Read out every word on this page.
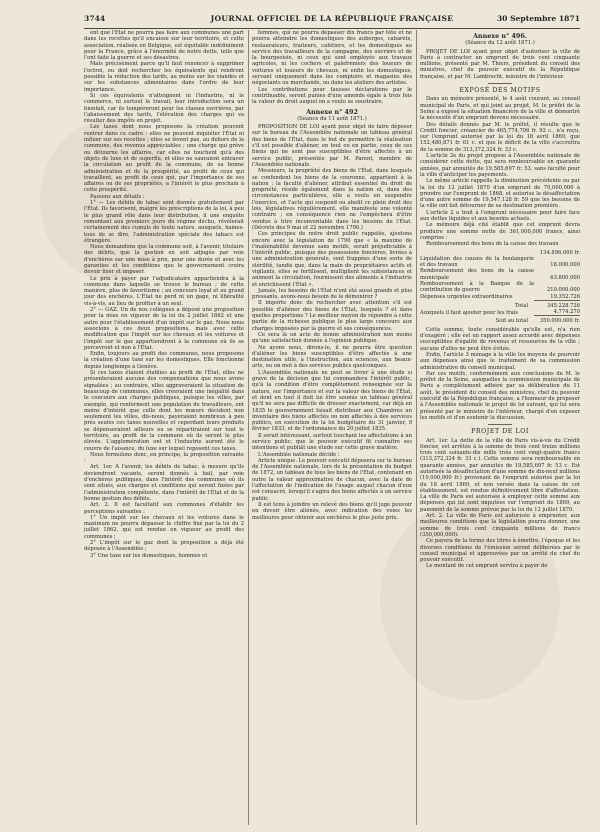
3744	JOURNAL OFFICIEL DE LA RÉPUBLIQUE FRANÇAISE	30 Septembre 1871

ent que l'État ne pourra pas faire aux communes une part dans les recettes qu'il encaisse sur leur territoire, et cette association, réalisée en Belgique, est équitable indéfiniment pour la France, grâce à l'énormité de notre dette, telle que l'ont faite la guerre et ses désastres.

Mais précisément parce qu'il faut renoncer à supprimer l'octroi, ou doit rechercher les équivalents qui rendront possible la réduction des tarifs, au moins sur les viandes et sur les substances alimentaires dans l'ordre de leur importance.

Si ces équivalents n'atteignent ni l'industrie, ni le commerce, ni surtout le travail, leur introduction sera un bienfait, car ils tempéreront pour les classes ouvrières, par l'abaissement des tarifs, l'élévation des charges qui va résulter des impôts en projet.

Les taxes dont nous proposons la création peuvent rentrer dans ce cadre : elles ne peuvent inquiéter l'État ni influer sur ses recettes ; elles se lèvent pas, au dehors de la commune, des revenus appréciables ; une charge qui grève ou détourne les affaires, car elles ne touchent qu'à des objets de luxe et de superflu, et elles ne sauraient entraver la circulation au profit de la commune, de sa bonne administration et de la prospérité, au profit de ceux qui travaillent, au profit de ceux qui, par l'importance de ses affaires ou de ses propriétés, a l'intérêt le plus prochain à cette prospérité.

Passons aux détails :

1° — Les débits de tabac sont donnés gratuitement par l'État. Ils favorisent, malgré les prescriptions de la loi, à peu le plus grand rôle dans leur distribution, il une enquête remontant aux premiers jours du régime déchu, révélerait certainement des cumuls de toute nature, auxquels, haines-tous de se dire, l'administration spéciale des tabacs est étrangère.

Nous demandons que la commune soit, à l'avenir, titulaire des débits, que la gestion en soit adjugée par voie d'enchères sur une mise à prix, pour une durée et avec les garanties et les conditions que le gouvernement croira devoir fixer et imposer.

Le prix à payer par l'adjudicataire appartiendra à la commune dans laquelle se trouve le bureau ; de cette manière, plus de favoritisme ; au concours loyal et au grand jour des enchères. L'État ne perd ni un gage, ni libéralité vis-à-vis, au lieu de profiter à un seul.

2° — GAZ. Un de nos collègues a déposé une proposition pour la mise en vigueur de la loi du 2 juillet 1862 et une autre pour l'établissement d'un impôt sur le gaz. Nous nous associons à ces deux propositions, mais avec cette modification que l'impôt sur les chevaux et les voitures et l'impôt sur le gaz appartiendront à la commune où ils se percevront et non à l'État.

Enfin, toujours au profit des communes, nous proposons la création d'une taxe sur les domestiques. Elle fonctionne depuis longtemps à Genève.

Si ces taxes étaient établies au profit de l'État, elles ne présenteraient aucune des compensations que nous avons signalées ; au contraire, elles aggraveraient la situation de beaucoup de communes, elles créeraient une inégalité dans le concours aux charges publiques, puisque les villes, par exemple, qui renferment une population de travailleurs, ont moins d'intérêt que celle dont les mœurs décident non seulement les villes, dis-nous, payeraient nombreux à peu près seules ces taxes nouvelles et ceperdant leurs produits se dépenseraient ailleurs ou se répartiraient sur tout le territoire, au profit de la commune où ils seront le plus élevés. L'agglomération ont et l'industrie auront été le ceuvre de l'aisance, du luxe sur lequel reposent ces taxes.

Nous formulons donc, en principe, la proposition suivante :

Art. 1er. A l'avenir, les débits de tabac, à mesure qu'ils deviendront vacants, seront donnés à bail, par voie d'enchères publiques, dans l'intérêt des communes où ils sont situés, aux charges et conditions qui seront fixées par l'administration compétente, dans l'intérêt de l'État et de la bonne gestion des débits.

Art. 2. Il est facultatif aux communes d'établir les perceptions suivantes :

1° Un impôt sur les chevaux et les voitures dans le maximum ne pourra dépasser le chiffre fixé par la loi du 2 juillet 1862, qui est rendue en vigueur au profit des communes ;

2° L'impôt sur le gaz dont la proposition a déjà été déposée à l'Assemblée ;

3° Une taxe sur les domestiques, hommes et

femmes, qui ne pourra dépasser dix francs par tête et ne pourra atteindre les domestiques des auberges, cabarets, restaurateurs, traiteurs, cafetiers, et les domestiques au service des travailleurs de la campagne, des ouvriers et de la bourgeoisie, ni ceux qui sont employés aux travaux agricoles, ni les cochers et palefreniers des loueurs de voitures et loueurs de chevaux, ni enfin les domestiques, servant uniquement dans les comptoirs et magasins des négociants ou marchands, ou dans les ateliers des artistes.

Les contributions pour fausses déclarations par le contribuable, seront punies d'une amende égale à trois fois la valeur du droit auquel on a voulu se soustraire.

Annexe n° 492
(Séance du 11 août 1871.)

PROPOSITION DE LOI ayant pour objet de faire déposer sur le bureau de l'Assemblée nationale un tableau général des biens de l'État, dans le but de permettre la réalisation s'il est possible d'aliéner, en tout ou en partie, ceux de ces biens qui ne sont pas susceptibles d'être affectés à un service public, présentée par M. Parent, membre de l'Assemblée nationale.

Messieurs, la propriété des biens de l'État, dans lesquels se confondent les biens de la couronne, appartient à la nation ; la faculté d'aliéner, attribut essentiel du droit de propriété, réside également dans la nation et, dans des circonstances particulières, elle a voulu en suspendre l'exercice, et l'acte qui suspend ou abolit ce plein droit des lois, législatives régulièrement, elle manifeste une volonté contraire ; en conséquence rien ne l'empêchera d'être vendus à titre inconventable dans les besoins de l'État. (Décrets des 9 mai et 22 novembre 1790.)

Ces principes de notre droit public rappelés, ajoutons encore avec la législation de 1790 que « la maxime de l'inaliénabilité devenue sans motifs, serait préjudiciable à l'intérêt public, puisque des possessions foncières, livrées à une administration générale, sont frappées d'une sorte de stérilité, tandis que, dans la main de propriétaires actifs et vigilants, elles se fertilisent, multiplient les subsistances et animent la circulation, fournissent des aliments à l'industrie et enrichissent l'État ».

Jamais, les besoins de l'État n'ont été aussi grands et plus pressants, avons-nous besoin de le démontrer ?

Il importe donc de rechercher avec attention s'il est possible d'aliéner des biens de l'État, lesquels ? et dans quelles proportions ? Le meilleur moyen de répondre à cette partie de la richesse publique le plus large concours aux charges imposées par la guerre et ses conséquences.

Ce sera là un acte de bonne administration non moins qu'une satisfaction donnée à l'opinion publique.

Ne ayons nous, dirons-le, il ne pourra être question d'aliéner les biens susceptibles d'être affectés à une destination utile, à l'instruction, aux sciences, aux beaux-arts, ou un mot à des services publics quelconques.

L'Assemblée nationale ne peut se livrer à une étude si grave de la décision que lui commandera l'intérêt public, qu'à la condition d'être complètement renseignée sur la nature, sur l'importance et sur la valeur des biens de l'État, et dont en tout il doit lui être soumis un tableau général qu'il ne sera pas difficile de dresser exactement, car déjà en 1835 le gouvernement faisait distribuer aux Chambres un inventaire des biens affectés ou non affectés à des services publics, en exécution de la loi budgétaire du 31 janvier, 9 février 1833, et de l'ordonnance du 20 juillet 1835.

Il serait intéressant, surtout touchant les affectations à un service public, que le pouvoir exécutif fit connaître ses intentions et publiât une étude sur cette grave matière.

L'Assemblée nationale décide :

Article unique. Le pouvoir exécutif déposera sur le bureau de l'Assemblée nationale, lors de la présentation du budget de 1872, un tableau de tous les biens de l'État, contenant en outre la valeur approximative de chacun, avec la date de l'affectation de l'indication de l'usage auquel chacun d'eux est consacré, lorsqu'il s'agira des biens affectés à un service public.

Il est tenu à joindre un relevé des biens qu'il juge pouvoir en devoir être aliénés, avec indication des voies les meilleures pour obtenir aux enchères le plus juste prix.

Annexe n° 496.
(Séance du 12 août 1871.)

PROJET DE LOI ayant pour objet d'autoriser la ville de Paris à contracter un emprunt de trois cent cinquante millions, présenté par M. Thiers, président du conseil des ministres, chef du pouvoir exécutif de la République française, et par M. Lambrecht, ministre de l'intérieur.

EXPOSÉ DES MOTIFS

Dans un mémoire présenté, le 4 août courant, au conseil municipal de Paris, et qui joint au projet, M. le préfet de la Seine a exposé la situation financière de la ville et démontré la nécessité d'un emprunt devenu nécessaire.

Des détails donnés par M. le préfet, il résulte que le Crédit foncier, créancier de 465,774,706 fr. 92 c., n'a reçu, sur l'emprunt autorisé par la loi du 18 avril 1869, que 152,480,871 fr. 61 c. et que le déficit de la ville s'accroîtra de la somme de 313,372,324 fr. 33 c.

L'article 2e du projet propose à l'Assemblée nationale de considérer cette dette, qui sera remboursable en quarante années, par annuités de 19,585,697 fr. 53, sans faculté pour la ville d'anticiper les payements.

Le même article rappelle la diminution précédente ou par la loi du 12 juillet 1870 d'un emprunt de 70,000,000 à prendre sur l'emprunt de 1868, et autorise la désaffectation d'une autre somme de 19,547,128 fr. 59 que les besoins de la ville ont fait détourner de sa destination première.

L'article 2 a trait à l'emprunt nécessaire pour faire face aux dettes liquides et aux besoins actuels.

Le mémoire déjà cité établit que cet emprunt devra produire une somme nette de 361,000,000 francs, ainsi comprise :

Remboursement des bons de la caisse des travaux

	134.896.000 fr.
Liquidation des causes de la boulangerie et des travaux	18.000.000
Remboursement des bons de la caisse municipale	63.800.000
Remboursement à la Banque de la contribution de guerre	210.000.000
Dépenses urgentes extraordinaires	19.352.726
Total	345.228.726
Auxquels il faut ajouter pour les frais	4.774.270
Soit au total	350.000.000 fr.

Cette somme, toute considérable qu'elle est, n'a rien d'exagéré ; elle est un rapport assez accordé avec dépenses susceptibles d'égalité de revenus et ressources de la ville ; aucune d'elles ne peut être évitée.

Enfin, l'article 3 ménage à la ville les moyens de pourvoir aux dépenses ainsi que le traitement de sa commission administrative du conseil municipal.

Par ces motifs, conformément aux conclusions de M. le préfet de la Seine, auxquelles la commission municipale de Paris a complètement adhéré par sa délibération du 11 août, le président du conseil des ministres, chef du pouvoir exécutif de la République française, a l'honneur de proposer à l'Assemblée nationale le projet de loi suivant, qui lui sera présenté par le ministre de l'intérieur, chargé d'en exposer les motifs et d'en soutenir la discussion.

PROJET DE LOI

Art. 1er. La dette de la ville de Paris vis-à-vis du Crédit foncier, est arrêtée à la somme de trois cent treize millions trois cent soixante-dix mille trois cent vingt-quatre francs (313,372,324 fr. 33 c.). Cette somme sera remboursable en quarante années, par annuités de 19,585,697 fr. 53 c. Est autorisée la désaffectation d'une somme de dix-neuf millions (19,000,000 fr.) provenant de l'emprunt autorisé par la loi du 18 avril 1869, et non versée dans la caisse de cet établissement, est rendue définitivement libre d'affectation. La ville de Paris est autorisée à employer cette somme aux dépenses qui lui sont imputées sur l'emprunt de 1869, au paiement de la somme prévue par la loi du 12 juillet 1870.

Art. 2. La ville de Paris est autorisée à emprunter, aux meilleures conditions que la législation pourra donner, une somme de trois cent cinquante millions de francs (350,000,000).

Ce payera de la forme des titres à émettre, l'époque et les diverses conditions de l'émission seront délibérées par le conseil municipal et approuvées par un arrêté du chef du pouvoir exécutif.

Le montant de cet emprunt servira à payer de
